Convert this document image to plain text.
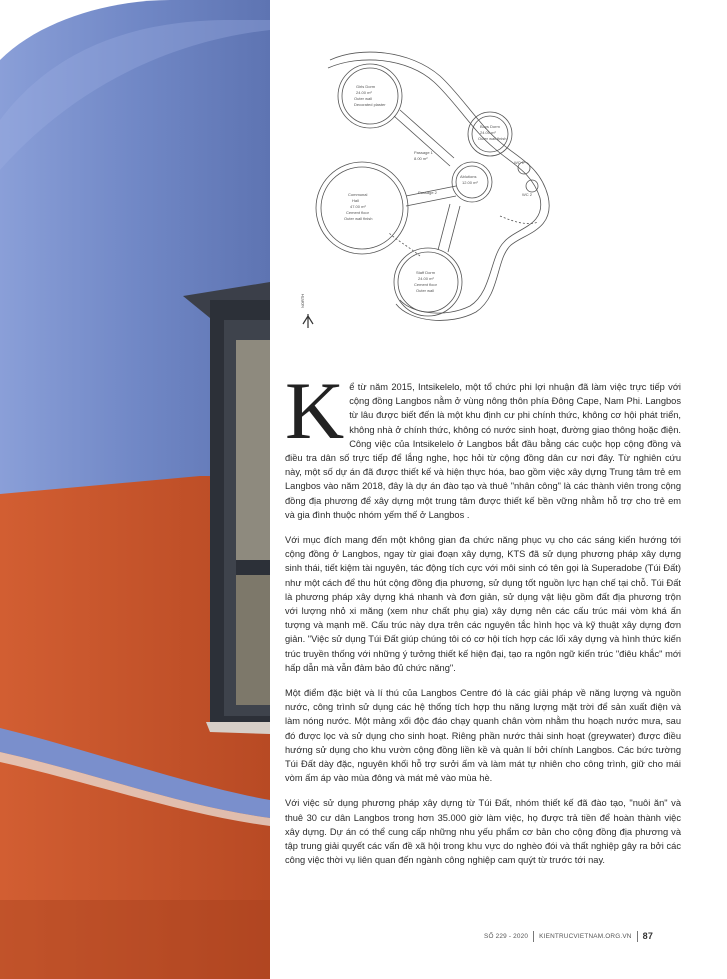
Girls Dorm
24.00 m²
Outer wall
Decorated plaster
Boys Dorm
24.00 m²
Outer wall finish
Communal
Hall
47.00 m²
Cement floor
Outer wall finish
Passage 1
8.00 m²
Passage 2
Ablutions
12.00 m²
WC 1
WC 2
Staff Dorm
24.00 m²
Cement floor
Outer wall
NORTH

Kể từ năm 2015, Intsikelelo, một tổ chức phi lợi nhuận đã làm việc trực tiếp với cộng đồng Langbos nằm ở vùng nông thôn phía Đông Cape, Nam Phi. Langbos từ lâu được biết đến là một khu định cư phi chính thức, không cơ hội phát triển, không nhà ở chính thức, không có nước sinh hoạt, đường giao thông hoặc điện. Công việc của Intsikelelo ở Langbos bắt đầu bằng các cuộc họp cộng đồng và điều tra dân số trực tiếp để lắng nghe, học hỏi từ cộng đồng dân cư nơi đây. Từ nghiên cứu này, một số dự án đã được thiết kế và hiện thực hóa, bao gồm việc xây dựng Trung tâm trẻ em Langbos vào năm 2018, đây là dự án đào tạo và thuê "nhân công" là các thành viên trong cộng đồng địa phương để xây dựng một trung tâm được thiết kế bền vững nhằm hỗ trợ cho trẻ em và gia đình thuộc nhóm yếm thế ở Langbos .

Với mục đích mang đến một không gian đa chức năng phục vụ cho các sáng kiến hướng tới cộng đồng ở Langbos, ngay từ giai đoạn xây dựng, KTS đã sử dụng phương pháp xây dựng sinh thái, tiết kiệm tài nguyên, tác động tích cực với môi sinh có tên gọi là Superadobe (Túi Đất) như một cách để thu hút cộng đồng địa phương, sử dụng tốt nguồn lực hạn chế tại chỗ. Túi Đất là phương pháp xây dựng khá nhanh và đơn giản, sử dụng vật liệu gồm đất địa phương trộn với lượng nhỏ xi măng (xem như chất phụ gia) xây dựng nên các cấu trúc mái vòm khá ấn tượng và mạnh mẽ. Cấu trúc này dựa trên các nguyên tắc hình học và kỹ thuật xây dựng đơn giản. "Việc sử dụng Túi Đất giúp chúng tôi có cơ hội tích hợp các lối xây dựng và hình thức kiến trúc truyền thống với những ý tưởng thiết kế hiện đại, tạo ra ngôn ngữ kiến trúc "điêu khắc" mới hấp dẫn mà vẫn đảm bảo đủ chức năng".

Một điểm đặc biệt và lí thú của Langbos Centre đó là các giải pháp về năng lượng và nguồn nước, công trình sử dụng các hệ thống tích hợp thu năng lượng mặt trời để sản xuất điện và làm nóng nước. Một mảng xối độc đáo chạy quanh chân vòm nhằm thu hoạch nước mưa, sau đó được lọc và sử dụng cho sinh hoạt. Riêng phần nước thải sinh hoạt (greywater) được điều hướng sử dụng cho khu vườn cộng đồng liền kề và quản lí bởi chính Langbos. Các bức tường Túi Đất dày đặc, nguyên khối hỗ trợ sưởi ấm và làm mát tự nhiên cho công trình, giữ cho mái vòm ấm áp vào mùa đông và mát mẻ vào mùa hè.

Với việc sử dụng phương pháp xây dựng từ Túi Đất, nhóm thiết kế đã đào tạo, "nuôi ăn" và thuê 30 cư dân Langbos trong hơn 35.000 giờ làm việc, họ được trả tiền để hoàn thành việc xây dựng. Dự án có thể cung cấp những nhu yếu phẩm cơ bản cho cộng đồng địa phương và tập trung giải quyết các vấn đề xã hội trong khu vực do nghèo đói và thất nghiệp gây ra bởi các công việc thời vụ liên quan đến ngành công nghiệp cam quýt từ trước tới nay.

SỐ 229 - 2020 KIENTRUCVIETNAM.ORG.VN 87
